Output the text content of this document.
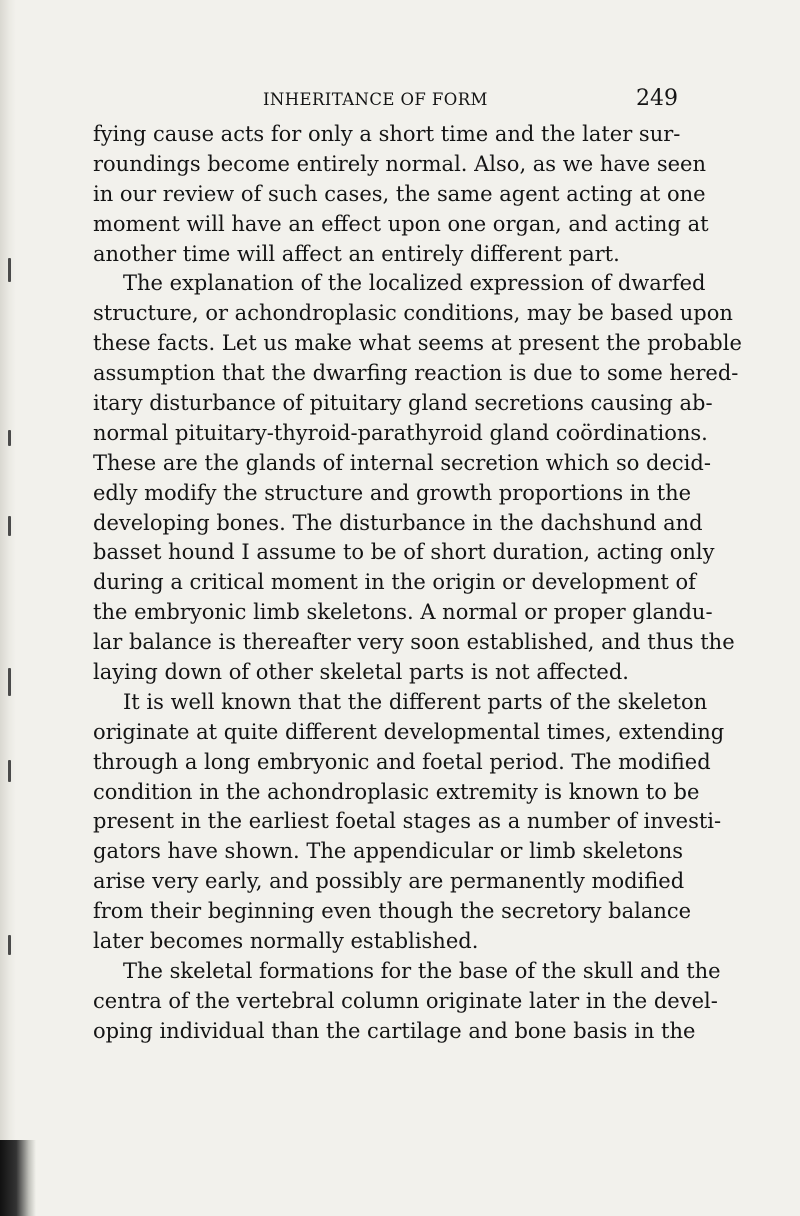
INHERITANCE OF FORM	249
fying cause acts for only a short time and the later sur-
roundings become entirely normal. Also, as we have seen
in our review of such cases, the same agent acting at one
moment will have an effect upon one organ, and acting at
another time will affect an entirely different part.
The explanation of the localized expression of dwarfed
structure, or achondroplasic conditions, may be based upon
these facts. Let us make what seems at present the probable
assumption that the dwarfing reaction is due to some hered-
itary disturbance of pituitary gland secretions causing ab-
normal pituitary-thyroid-parathyroid gland coördinations.
These are the glands of internal secretion which so decid-
edly modify the structure and growth proportions in the
developing bones. The disturbance in the dachshund and
basset hound I assume to be of short duration, acting only
during a critical moment in the origin or development of
the embryonic limb skeletons. A normal or proper glandu-
lar balance is thereafter very soon established, and thus the
laying down of other skeletal parts is not affected.
It is well known that the different parts of the skeleton
originate at quite different developmental times, extending
through a long embryonic and foetal period. The modified
condition in the achondroplasic extremity is known to be
present in the earliest foetal stages as a number of investi-
gators have shown. The appendicular or limb skeletons
arise very early, and possibly are permanently modified
from their beginning even though the secretory balance
later becomes normally established.
The skeletal formations for the base of the skull and the
centra of the vertebral column originate later in the devel-
oping individual than the cartilage and bone basis in the
